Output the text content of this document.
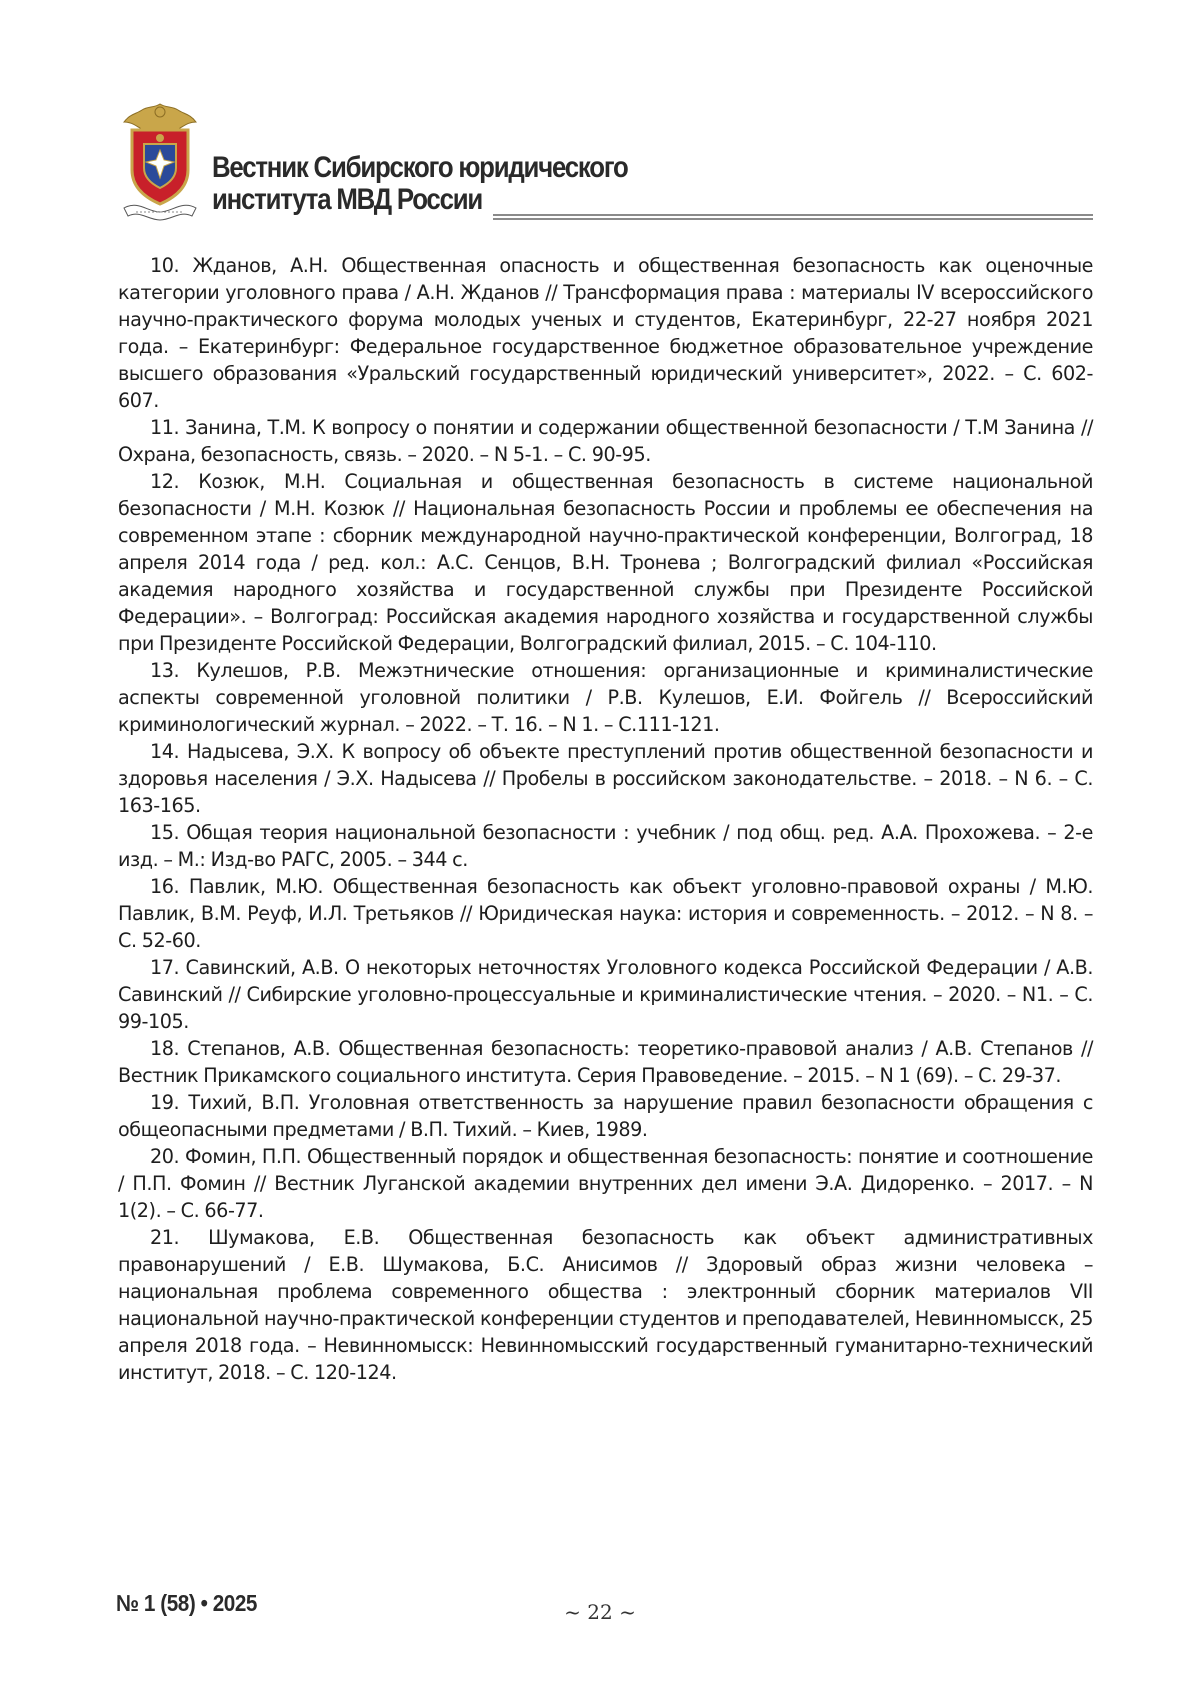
Вестник Сибирского юридического
института МВД России

10. Жданов, А.Н. Общественная опасность и общественная безопасность как оценочные категории уголовного права / А.Н. Жданов // Трансформация права : материалы IV всероссийского научно-практического форума молодых ученых и студентов, Екатеринбург, 22-27 ноября 2021 года. – Екатеринбург: Федеральное государственное бюджетное образовательное учреждение высшего образования «Уральский государственный юридический университет», 2022. – С. 602-607.

11. Занина, Т.М. К вопросу о понятии и содержании общественной безопасности / Т.М Занина // Охрана, безопасность, связь. – 2020. – N 5-1. – С. 90-95.

12. Козюк, М.Н. Социальная и общественная безопасность в системе национальной безопасности / М.Н. Козюк // Национальная безопасность России и проблемы ее обеспечения на современном этапе : сборник международной научно-практической конференции, Волгоград, 18 апреля 2014 года / ред. кол.: А.С. Сенцов, В.Н. Тронева ; Волгоградский филиал «Российская академия народного хозяйства и государственной службы при Президенте Российской Федерации». – Волгоград: Российская академия народного хозяйства и государственной службы при Президенте Российской Федерации, Волгоградский филиал, 2015. – С. 104-110.

13. Кулешов, Р.В. Межэтнические отношения: организационные и криминалистические аспекты современной уголовной политики / Р.В. Кулешов, Е.И. Фойгель // Всероссийский криминологический журнал. – 2022. – Т. 16. – N 1. – С.111-121.

14. Надысева, Э.Х. К вопросу об объекте преступлений против общественной безопасности и здоровья населения / Э.Х. Надысева // Пробелы в российском законодательстве. – 2018. – N 6. – С. 163-165.

15. Общая теория национальной безопасности : учебник / под общ. ред. А.А. Прохожева. – 2-е изд. – М.: Изд-во РАГС, 2005. – 344 с.

16. Павлик, М.Ю. Общественная безопасность как объект уголовно-правовой охраны / М.Ю. Павлик, В.М. Реуф, И.Л. Третьяков // Юридическая наука: история и современность. – 2012. – N 8. – С. 52-60.

17. Савинский, А.В. О некоторых неточностях Уголовного кодекса Российской Федерации / А.В. Савинский // Сибирские уголовно-процессуальные и криминалистические чтения. – 2020. – N1. – С. 99-105.

18. Степанов, А.В. Общественная безопасность: теоретико-правовой анализ / А.В. Степанов // Вестник Прикамского социального института. Серия Правоведение. – 2015. – N 1 (69). – С. 29-37.

19. Тихий, В.П. Уголовная ответственность за нарушение правил безопасности обращения с общеопасными предметами / В.П. Тихий. – Киев, 1989.

20. Фомин, П.П. Общественный порядок и общественная безопасность: понятие и соотношение / П.П. Фомин // Вестник Луганской академии внутренних дел имени Э.А. Дидоренко. – 2017. – N 1(2). – С. 66-77.

21. Шумакова, Е.В. Общественная безопасность как объект административных правонарушений / Е.В. Шумакова, Б.С. Анисимов // Здоровый образ жизни человека – национальная проблема современного общества : электронный сборник материалов VII национальной научно-практической конференции студентов и преподавателей, Невинномысск, 25 апреля 2018 года. – Невинномысск: Невинномысский государственный гуманитарно-технический институт, 2018. – С. 120-124.

№ 1 (58) • 2025	~ 22 ~
